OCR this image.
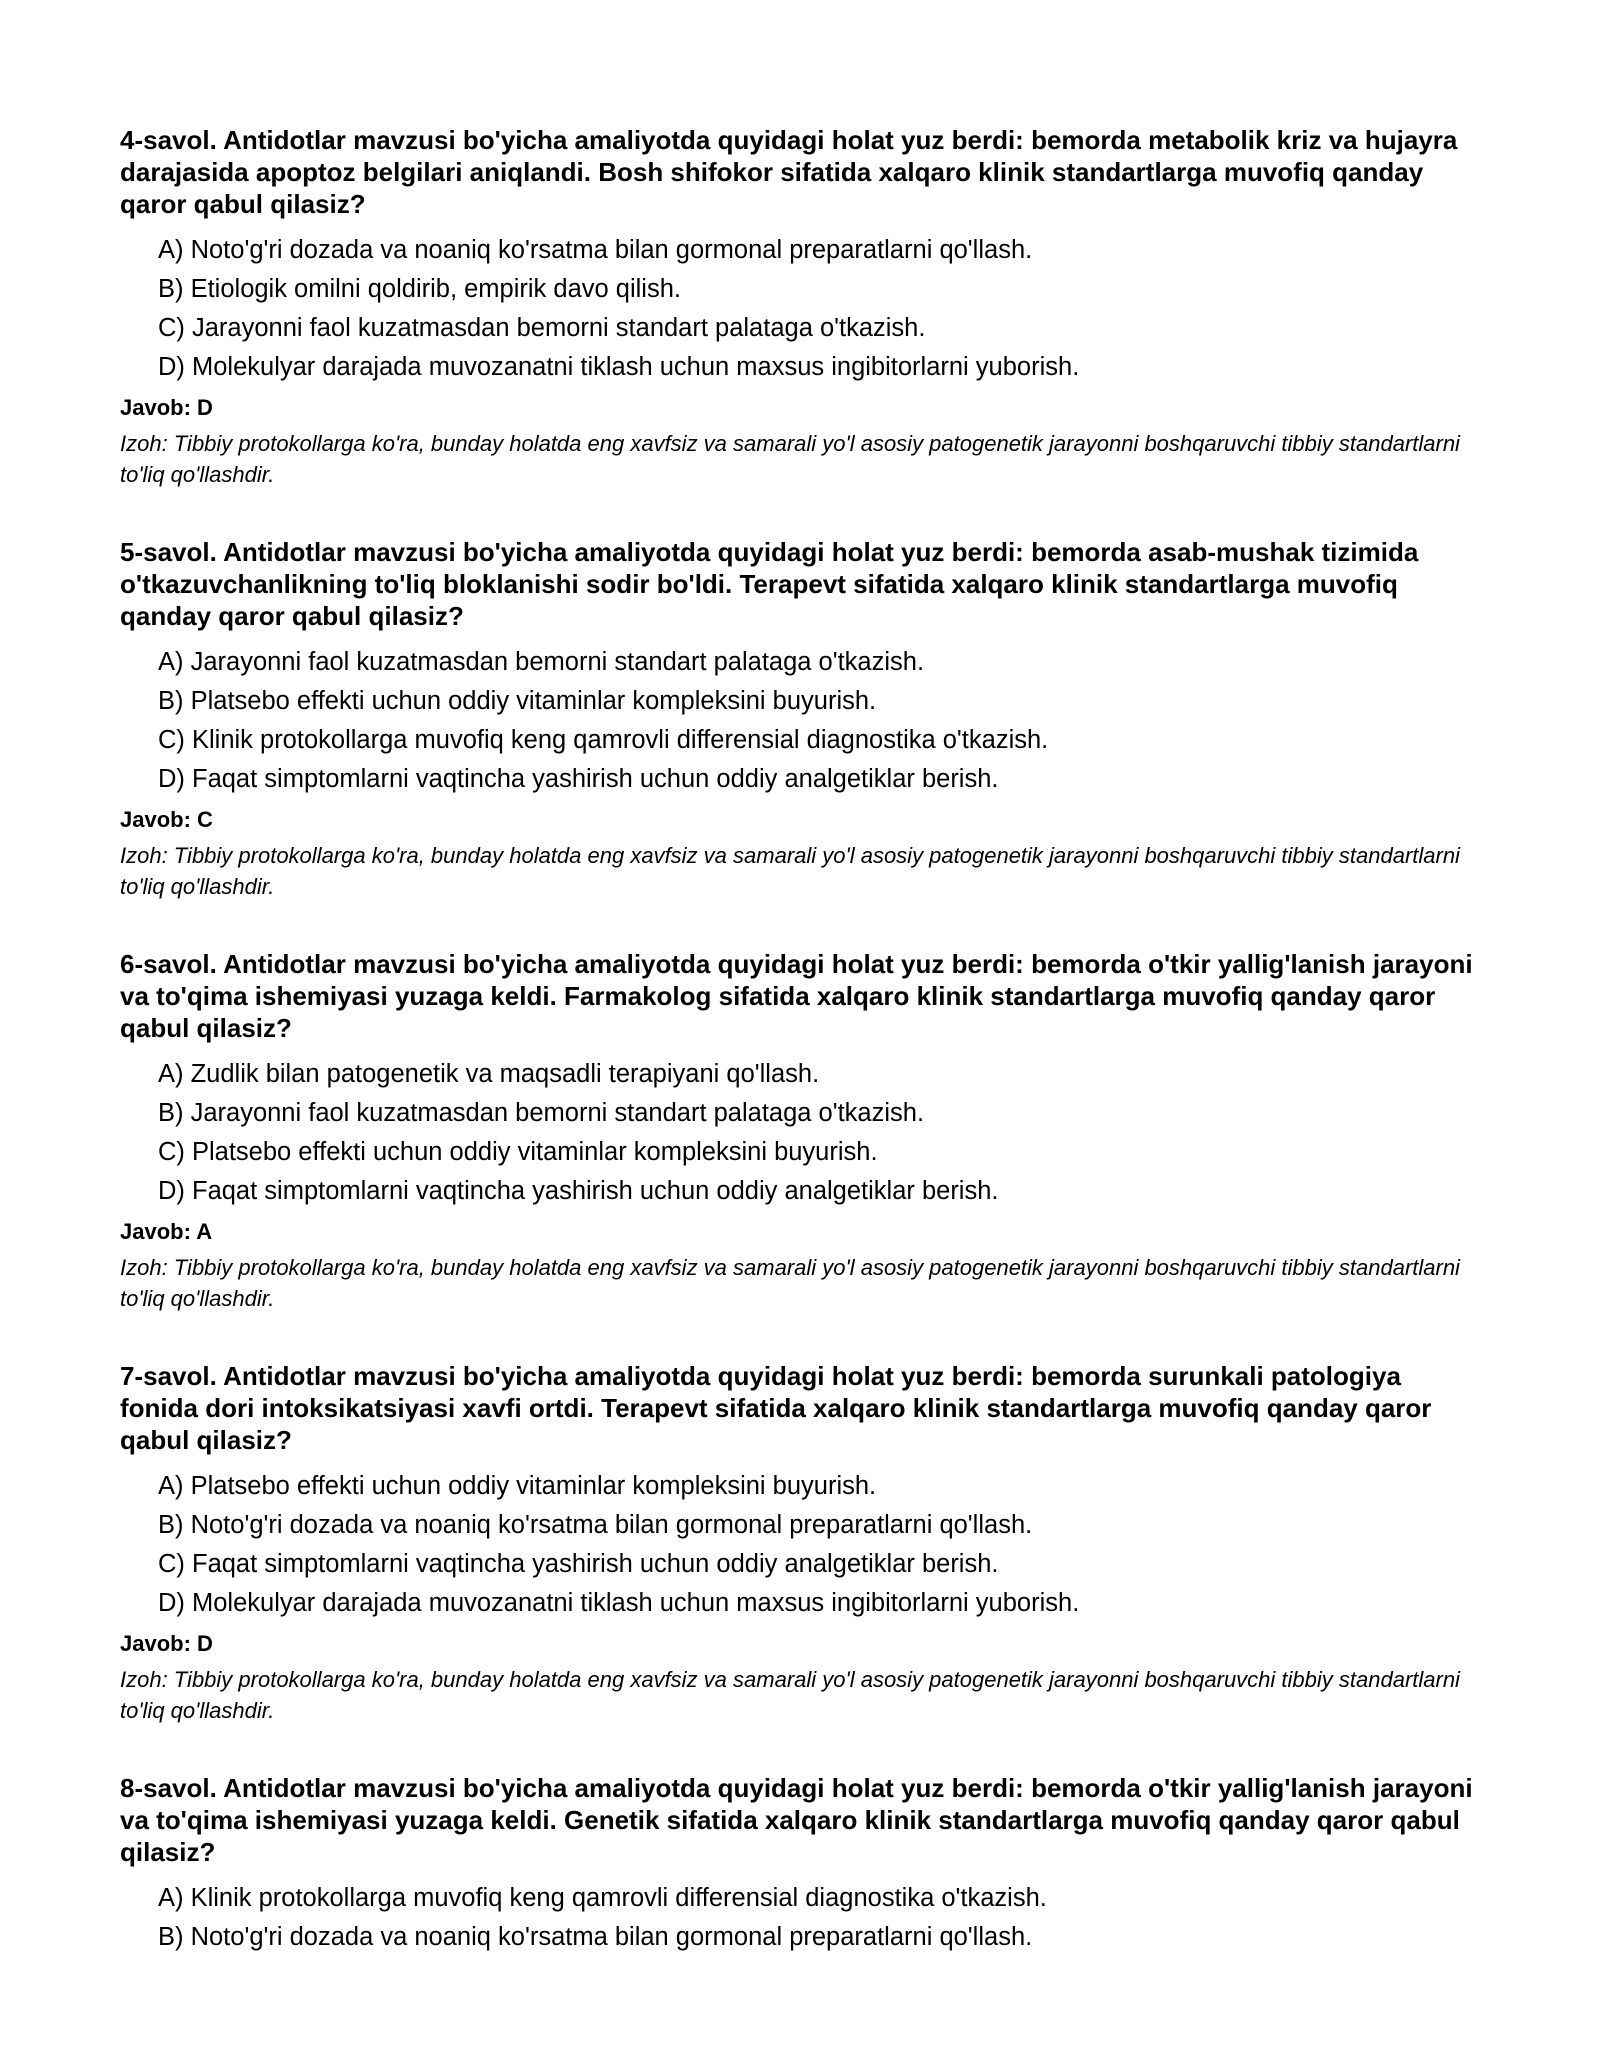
4-savol. Antidotlar mavzusi bo'yicha amaliyotda quyidagi holat yuz berdi: bemorda metabolik kriz va hujayra darajasida apoptoz belgilari aniqlandi. Bosh shifokor sifatida xalqaro klinik standartlarga muvofiq qanday qaror qabul qilasiz?

A) Noto'g'ri dozada va noaniq ko'rsatma bilan gormonal preparatlarni qo'llash.
B) Etiologik omilni qoldirib, empirik davo qilish.
C) Jarayonni faol kuzatmasdan bemorni standart palataga o'tkazish.
D) Molekulyar darajada muvozanatni tiklash uchun maxsus ingibitorlarni yuborish.

Javob: D

Izoh: Tibbiy protokollarga ko'ra, bunday holatda eng xavfsiz va samarali yo'l asosiy patogenetik jarayonni boshqaruvchi tibbiy standartlarni to'liq qo'llashdir.

5-savol. Antidotlar mavzusi bo'yicha amaliyotda quyidagi holat yuz berdi: bemorda asab-mushak tizimida o'tkazuvchanlikning to'liq bloklanishi sodir bo'ldi. Terapevt sifatida xalqaro klinik standartlarga muvofiq qanday qaror qabul qilasiz?

A) Jarayonni faol kuzatmasdan bemorni standart palataga o'tkazish.
B) Platsebo effekti uchun oddiy vitaminlar kompleksini buyurish.
C) Klinik protokollarga muvofiq keng qamrovli differensial diagnostika o'tkazish.
D) Faqat simptomlarni vaqtincha yashirish uchun oddiy analgetiklar berish.

Javob: C

Izoh: Tibbiy protokollarga ko'ra, bunday holatda eng xavfsiz va samarali yo'l asosiy patogenetik jarayonni boshqaruvchi tibbiy standartlarni to'liq qo'llashdir.

6-savol. Antidotlar mavzusi bo'yicha amaliyotda quyidagi holat yuz berdi: bemorda o'tkir yallig'lanish jarayoni va to'qima ishemiyasi yuzaga keldi. Farmakolog sifatida xalqaro klinik standartlarga muvofiq qanday qaror qabul qilasiz?

A) Zudlik bilan patogenetik va maqsadli terapiyani qo'llash.
B) Jarayonni faol kuzatmasdan bemorni standart palataga o'tkazish.
C) Platsebo effekti uchun oddiy vitaminlar kompleksini buyurish.
D) Faqat simptomlarni vaqtincha yashirish uchun oddiy analgetiklar berish.

Javob: A

Izoh: Tibbiy protokollarga ko'ra, bunday holatda eng xavfsiz va samarali yo'l asosiy patogenetik jarayonni boshqaruvchi tibbiy standartlarni to'liq qo'llashdir.

7-savol. Antidotlar mavzusi bo'yicha amaliyotda quyidagi holat yuz berdi: bemorda surunkali patologiya fonida dori intoksikatsiyasi xavfi ortdi. Terapevt sifatida xalqaro klinik standartlarga muvofiq qanday qaror qabul qilasiz?

A) Platsebo effekti uchun oddiy vitaminlar kompleksini buyurish.
B) Noto'g'ri dozada va noaniq ko'rsatma bilan gormonal preparatlarni qo'llash.
C) Faqat simptomlarni vaqtincha yashirish uchun oddiy analgetiklar berish.
D) Molekulyar darajada muvozanatni tiklash uchun maxsus ingibitorlarni yuborish.

Javob: D

Izoh: Tibbiy protokollarga ko'ra, bunday holatda eng xavfsiz va samarali yo'l asosiy patogenetik jarayonni boshqaruvchi tibbiy standartlarni to'liq qo'llashdir.

8-savol. Antidotlar mavzusi bo'yicha amaliyotda quyidagi holat yuz berdi: bemorda o'tkir yallig'lanish jarayoni va to'qima ishemiyasi yuzaga keldi. Genetik sifatida xalqaro klinik standartlarga muvofiq qanday qaror qabul qilasiz?

A) Klinik protokollarga muvofiq keng qamrovli differensial diagnostika o'tkazish.
B) Noto'g'ri dozada va noaniq ko'rsatma bilan gormonal preparatlarni qo'llash.
